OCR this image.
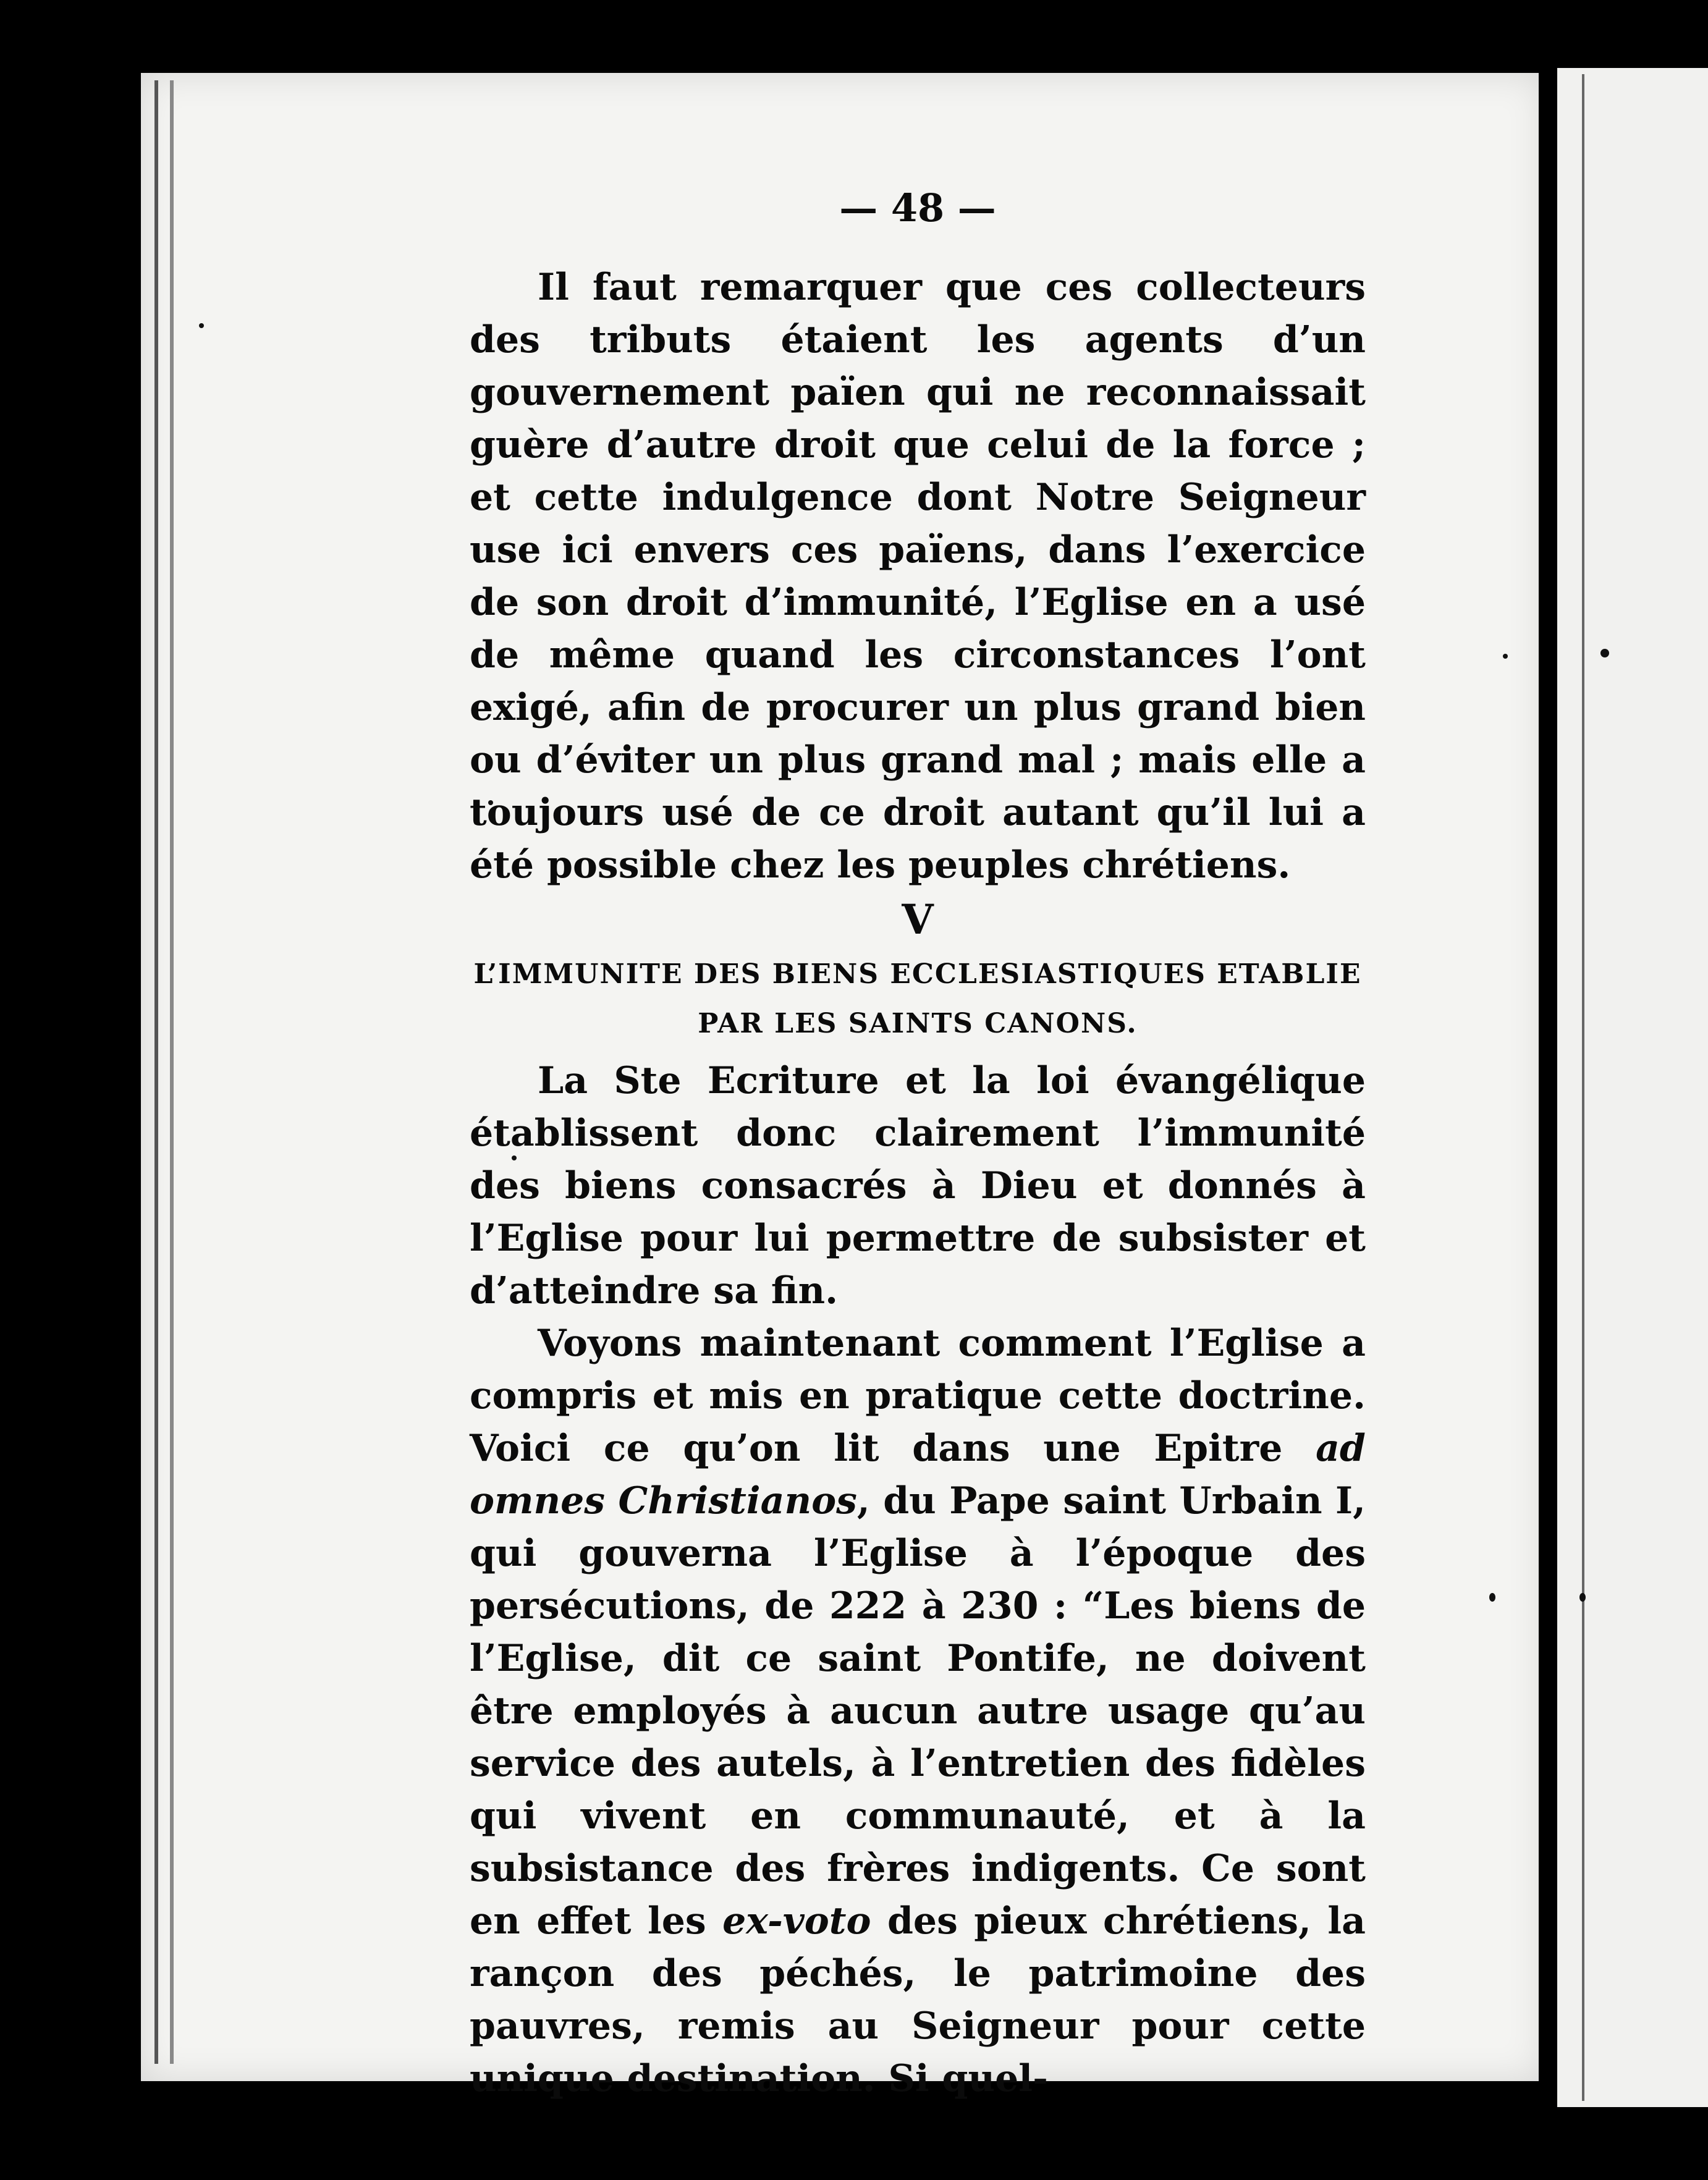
— 48 —

Il faut remarquer que ces collecteurs des tributs étaient les agents d’un gouvernement païen qui ne reconnaissait guère d’autre droit que celui de la force ; et cette indulgence dont Notre Seigneur use ici envers ces païens, dans l’exercice de son droit d’immunité, l’Eglise en a usé de même quand les circonstances l’ont exigé, afin de procurer un plus grand bien ou d’éviter un plus grand mal ; mais elle a toujours usé de ce droit autant qu’il lui a été possible chez les peuples chrétiens.

V
L’IMMUNITE DES BIENS ECCLESIASTIQUES ETABLIE
PAR LES SAINTS CANONS.

La Ste Ecriture et la loi évangélique établissent donc clairement l’immunité des biens consacrés à Dieu et donnés à l’Eglise pour lui permettre de subsister et d’atteindre sa fin.

Voyons maintenant comment l’Eglise a compris et mis en pratique cette doctrine. Voici ce qu’on lit dans une Epitre ad omnes Christianos, du Pape saint Urbain I, qui gouverna l’Eglise à l’époque des persécutions, de 222 à 230 : “Les biens de l’Eglise, dit ce saint Pontife, ne doivent être employés à aucun autre usage qu’au service des autels, à l’entretien des fidèles qui vivent en communauté, et à la subsistance des frères indigents. Ce sont en effet les ex-voto des pieux chrétiens, la rançon des péchés, le patrimoine des pauvres, remis au Seigneur pour cette unique destination. Si quel-
